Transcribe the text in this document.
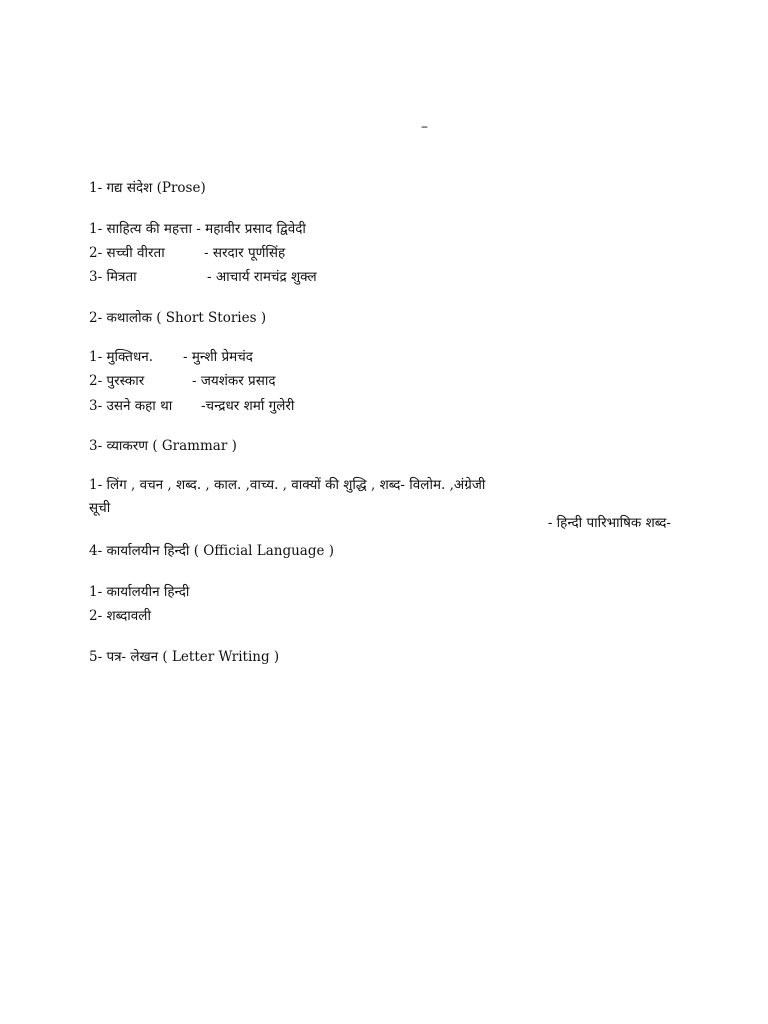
–
1- गद्य संदेश (Prose)
1- साहित्य की महत्ता - महावीर प्रसाद द्विवेदी
2- सच्ची वीरता	- सरदार पूर्णसिंह
3- मित्रता	- आचार्य रामचंद्र शुक्ल
2- कथालोक ( Short Stories )
1- मुक्तिधन. - मुन्शी प्रेमचंद
2- पुरस्कार	- जयशंकर प्रसाद
3- उसने कहा था -चन्द्रधर शर्मा गुलेरी
3- व्याकरण ( Grammar )
1- लिंग , वचन , शब्द. , काल. ,वाच्य. , वाक्यों की शुद्धि , शब्द- विलोम. ,अंग्रेजी
सूची
- हिन्दी पारिभाषिक शब्द-
4- कार्यालयीन हिन्दी ( Official Language )
1- कार्यालयीन हिन्दी
2- शब्दावली
5- पत्र- लेखन ( Letter Writing )
